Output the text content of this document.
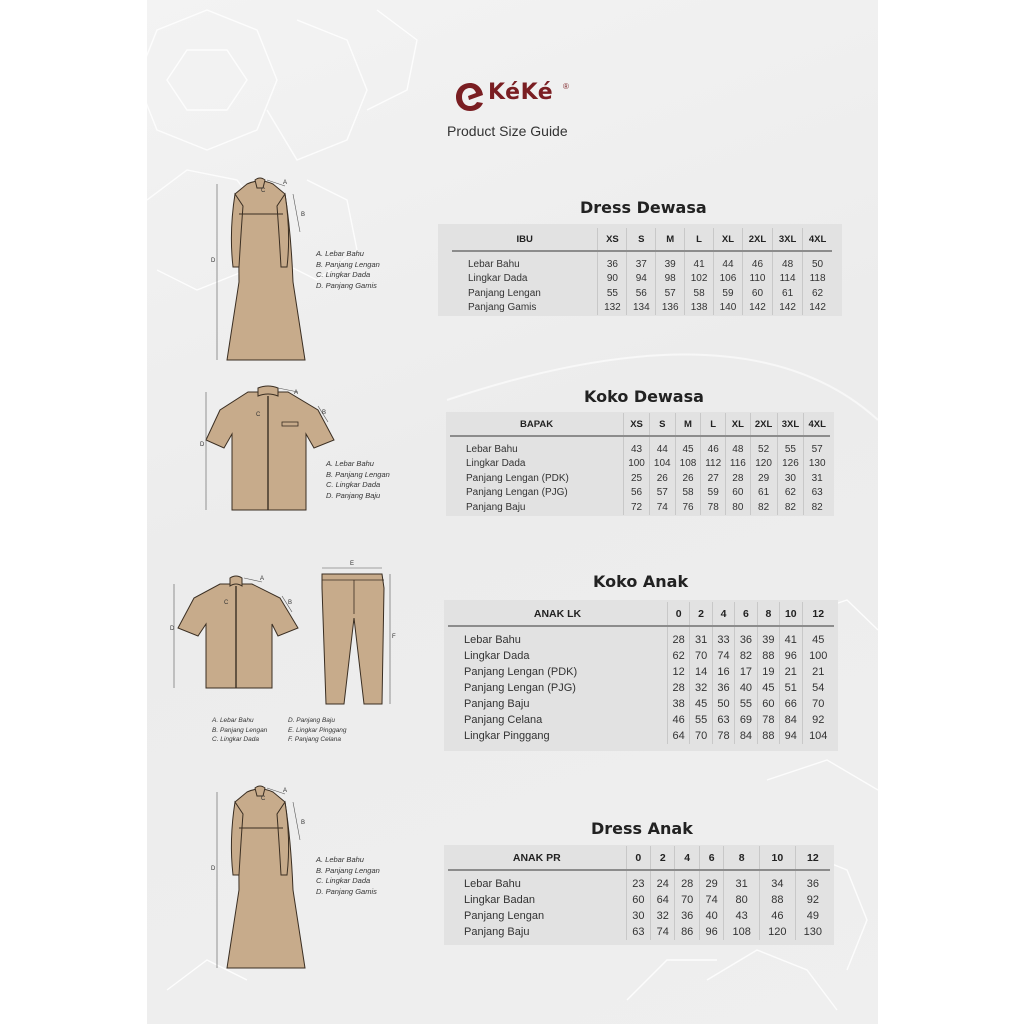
KéKé ®
Product Size Guide
D
C
A
B
A. Lebar Bahu
B. Panjang Lengan
C. Lingkar Dada
D. Panjang Gamis
Dress Dewasa
IBU	XS	S	M	L	XL	2XL	3XL	4XL
Lebar Bahu	36	37	39	41	44	46	48	50
Lingkar Dada	90	94	98	102	106	110	114	118
Panjang Lengan	55	56	57	58	59	60	61	62
Panjang Gamis	132	134	136	138	140	142	142	142
D
C
A
B
A. Lebar Bahu
B. Panjang Lengan
C. Lingkar Dada
D. Panjang Baju
Koko Dewasa
BAPAK	XS	S	M	L	XL	2XL	3XL	4XL
Lebar Bahu	43	44	45	46	48	52	55	57
Lingkar Dada	100	104	108	112	116	120	126	130
Panjang Lengan (PDK)	25	26	26	27	28	29	30	31
Panjang Lengan (PJG)	56	57	58	59	60	61	62	63
Panjang Baju	72	74	76	78	80	82	82	82
D
C
A
B
E
F
A. Lebar Bahu
B. Panjang Lengan
C. Lingkar Dada
D. Panjang Baju
E. Lingkar Pinggang
F. Panjang Celana
Koko Anak
ANAK LK	0	2	4	6	8	10	12
Lebar Bahu	28	31	33	36	39	41	45
Lingkar Dada	62	70	74	82	88	96	100
Panjang Lengan (PDK)	12	14	16	17	19	21	21
Panjang Lengan (PJG)	28	32	36	40	45	51	54
Panjang Baju	38	45	50	55	60	66	70
Panjang Celana	46	55	63	69	78	84	92
Lingkar Pinggang	64	70	78	84	88	94	104
D
C
A
B
A. Lebar Bahu
B. Panjang Lengan
C. Lingkar Dada
D. Panjang Gamis
Dress Anak
ANAK PR	0	2	4	6	8	10	12
Lebar Bahu	23	24	28	29	31	34	36
Lingkar Badan	60	64	70	74	80	88	92
Panjang Lengan	30	32	36	40	43	46	49
Panjang Baju	63	74	86	96	108	120	130
